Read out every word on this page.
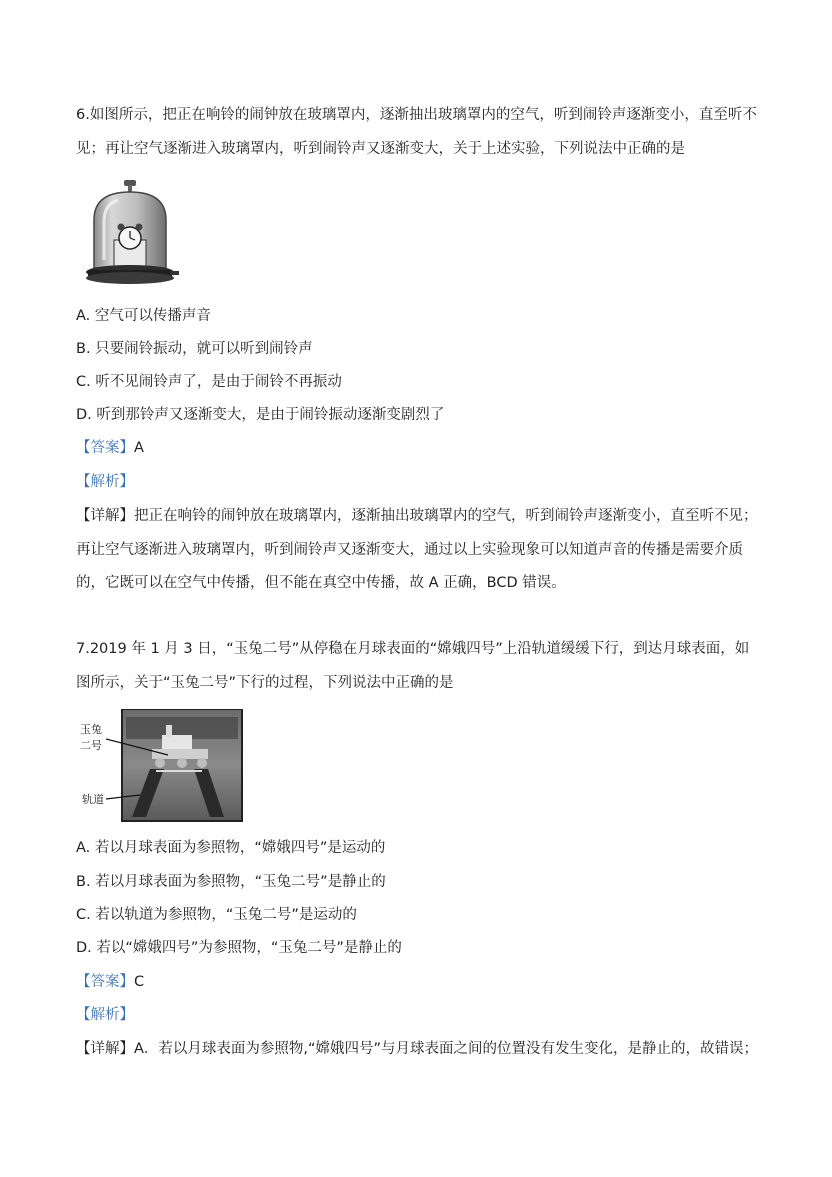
6.如图所示，把正在响铃的闹钟放在玻璃罩内，逐渐抽出玻璃罩内的空气，听到闹铃声逐渐变小，直至听不
见；再让空气逐渐进入玻璃罩内，听到闹铃声又逐渐变大，关于上述实验，下列说法中正确的是
A. 空气可以传播声音
B. 只要闹铃振动，就可以听到闹铃声
C. 听不见闹铃声了，是由于闹铃不再振动
D. 听到那铃声又逐渐变大，是由于闹铃振动逐渐变剧烈了
【答案】A
【解析】
【详解】把正在响铃的闹钟放在玻璃罩内，逐渐抽出玻璃罩内的空气，听到闹铃声逐渐变小，直至听不见；
再让空气逐渐进入玻璃罩内，听到闹铃声又逐渐变大，通过以上实验现象可以知道声音的传播是需要介质
的，它既可以在空气中传播，但不能在真空中传播，故 A 正确，BCD 错误。
7.2019 年 1 月 3 日，“玉兔二号”从停稳在月球表面的“嫦娥四号”上沿轨道缓缓下行，到达月球表面，如
图所示，关于“玉兔二号”下行的过程，下列说法中正确的是
玉兔
二号
轨道
A. 若以月球表面为参照物，“嫦娥四号”是运动的
B. 若以月球表面为参照物，“玉兔二号”是静止的
C. 若以轨道为参照物，“玉兔二号”是运动的
D. 若以“嫦娥四号”为参照物，“玉兔二号”是静止的
【答案】C
【解析】
【详解】A．若以月球表面为参照物,“嫦娥四号”与月球表面之间的位置没有发生变化，是静止的，故错误；
